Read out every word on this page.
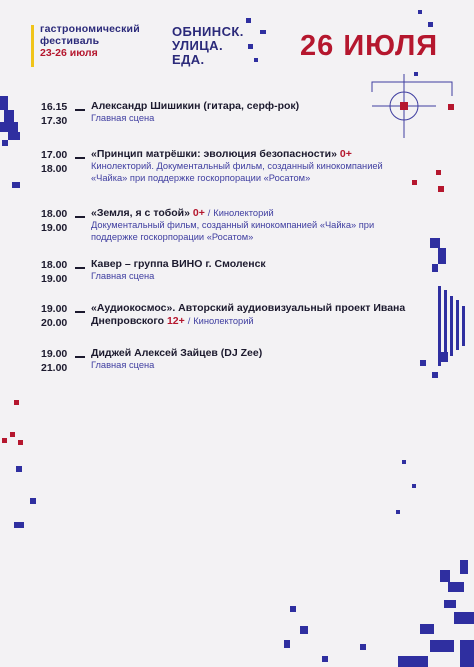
гастрономический
фестиваль
23-26 июля
ОБНИНСК.
УЛИЦА.
ЕДА.	26 ИЮЛЯ
16.15
17.30
Александр Шишикин (гитара, серф-рок)
Главная сцена
17.00
18.00
«Принцип матрёшки: эволюция безопасности» 0+
Кинолекторий. Документальный фильм, созданный кинокомпанией «Чайка» при поддержке госкорпорации «Росатом»
18.00
19.00
«Земля, я с тобой» 0+ / Кинолекторий
Документальный фильм, созданный кинокомпанией «Чайка» при поддержке госкорпорации «Росатом»
18.00
19.00
Кавер – группа ВИНО г. Смоленск
Главная сцена
19.00
20.00
«Аудиокосмос». Авторский аудиовизуальный проект Ивана Днепровского 12+ / Кинолекторий
19.00
21.00
Диджей Алексей Зайцев (DJ Zee)
Главная сцена
